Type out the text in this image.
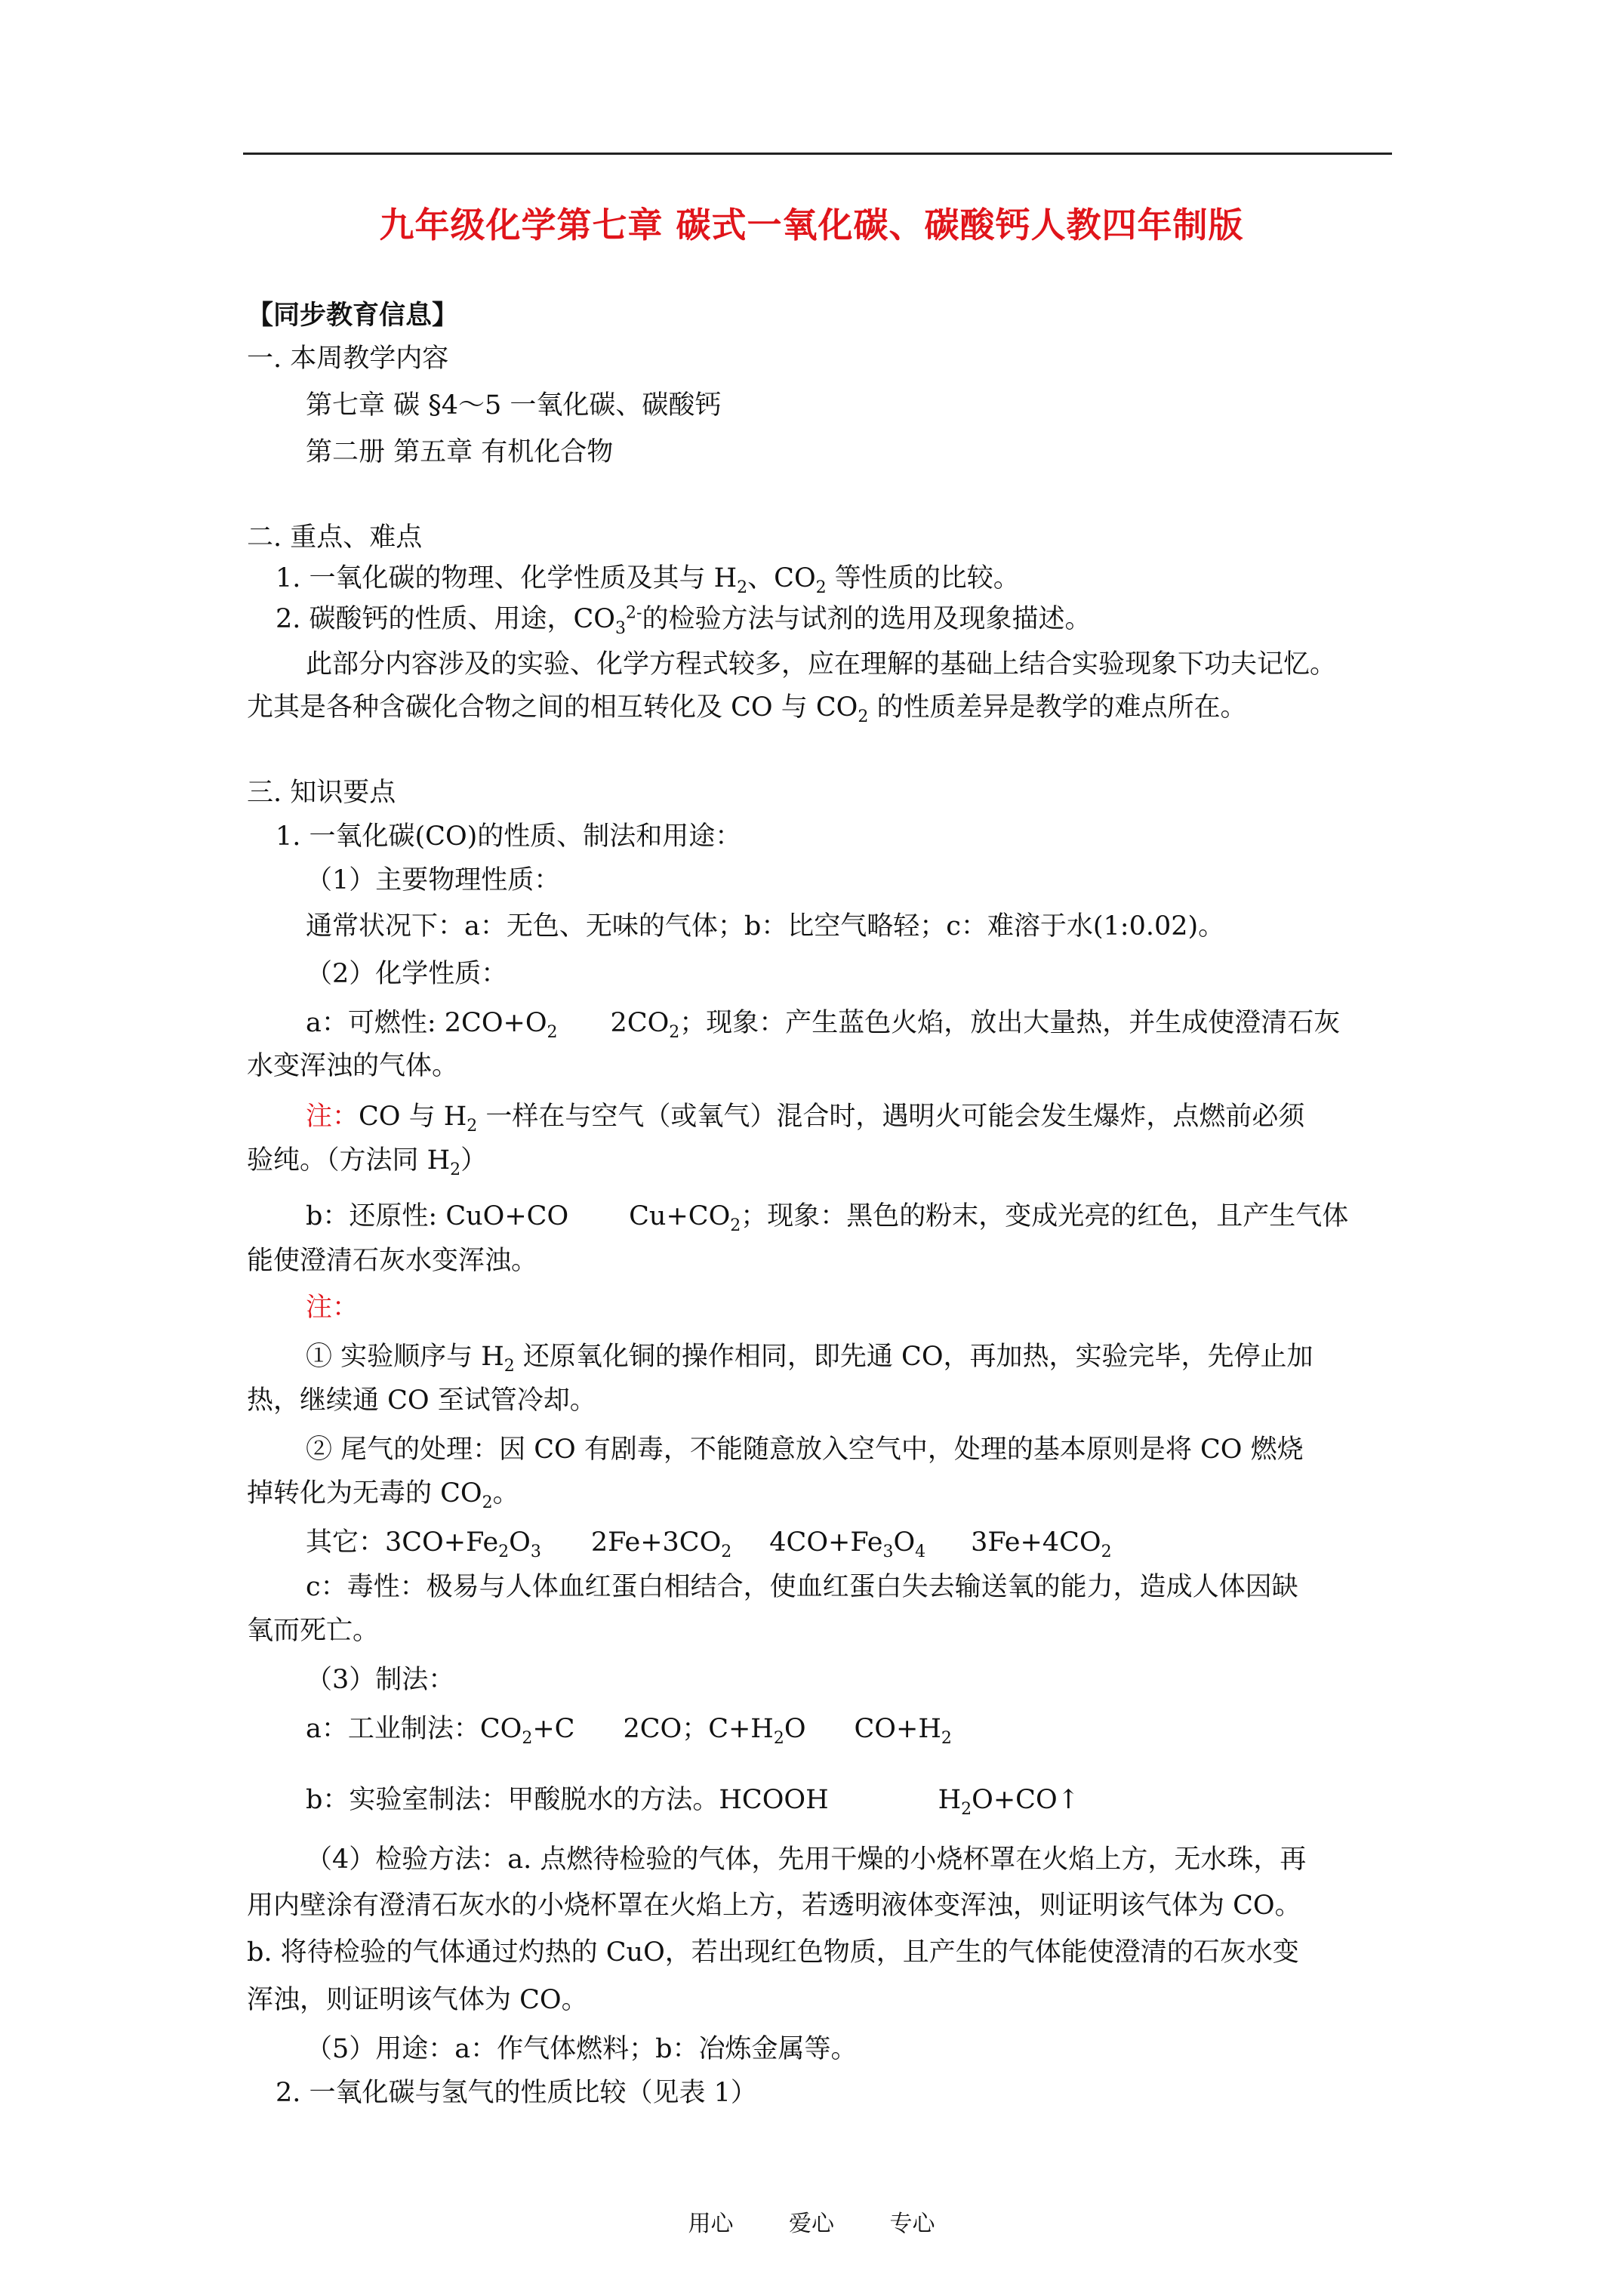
九年级化学第七章 碳式一氧化碳、碳酸钙人教四年制版
【同步教育信息】
一. 本周教学内容
第七章 碳 §4～5 一氧化碳、碳酸钙
第二册 第五章 有机化合物
二. 重点、难点
1. 一氧化碳的物理、化学性质及其与 $H_2$、$CO_2$ 等性质的比较。
2. 碳酸钙的性质、用途，$CO_3^{2-}$的检验方法与试剂的选用及现象描述。
此部分内容涉及的实验、化学方程式较多，应在理解的基础上结合实验现象下功夫记忆。
尤其是各种含碳化合物之间的相互转化及 CO 与 $CO_2$ 的性质差异是教学的难点所在。
三. 知识要点
1. 一氧化碳(CO)的性质、制法和用途：
（1）主要物理性质：
通常状况下：a：无色、无味的气体；b：比空气略轻；c：难溶于水(1:0.02)。
（2）化学性质：
a：可燃性: $2CO+O_2$ $2CO_2$；现象：产生蓝色火焰，放出大量热，并生成使澄清石灰
水变浑浊的气体。
注：CO 与 $H_2$ 一样在与空气（或氧气）混合时，遇明火可能会发生爆炸，点燃前必须
验纯。（方法同 $H_2$）
b：还原性: CuO+CO $Cu+CO_2$；现象：黑色的粉末，变成光亮的红色，且产生气体
能使澄清石灰水变浑浊。
注：
① 实验顺序与 $H_2$ 还原氧化铜的操作相同，即先通 CO，再加热，实验完毕，先停止加
热，继续通 CO 至试管冷却。
② 尾气的处理：因 CO 有剧毒，不能随意放入空气中，处理的基本原则是将 CO 燃烧
掉转化为无毒的 $CO_2$。
其它：$3CO+Fe_2O_3$ $2Fe+3CO_2$ $4CO+Fe_3O_4$ $3Fe+4CO_2$
c：毒性：极易与人体血红蛋白相结合，使血红蛋白失去输送氧的能力，造成人体因缺
氧而死亡。
（3）制法：
a：工业制法：$CO_2+C$ 2CO；$C+H_2O$ $CO+H_2$
b：实验室制法：甲酸脱水的方法。HCOOH	$H_2O+CO↑$
（4）检验方法：a. 点燃待检验的气体，先用干燥的小烧杯罩在火焰上方，无水珠，再
用内壁涂有澄清石灰水的小烧杯罩在火焰上方，若透明液体变浑浊，则证明该气体为 CO。
b. 将待检验的气体通过灼热的 CuO，若出现红色物质，且产生的气体能使澄清的石灰水变
浑浊，则证明该气体为 CO。
（5）用途：a：作气体燃料；b：冶炼金属等。
2. 一氧化碳与氢气的性质比较（见表 1）
用心 爱心 专心
